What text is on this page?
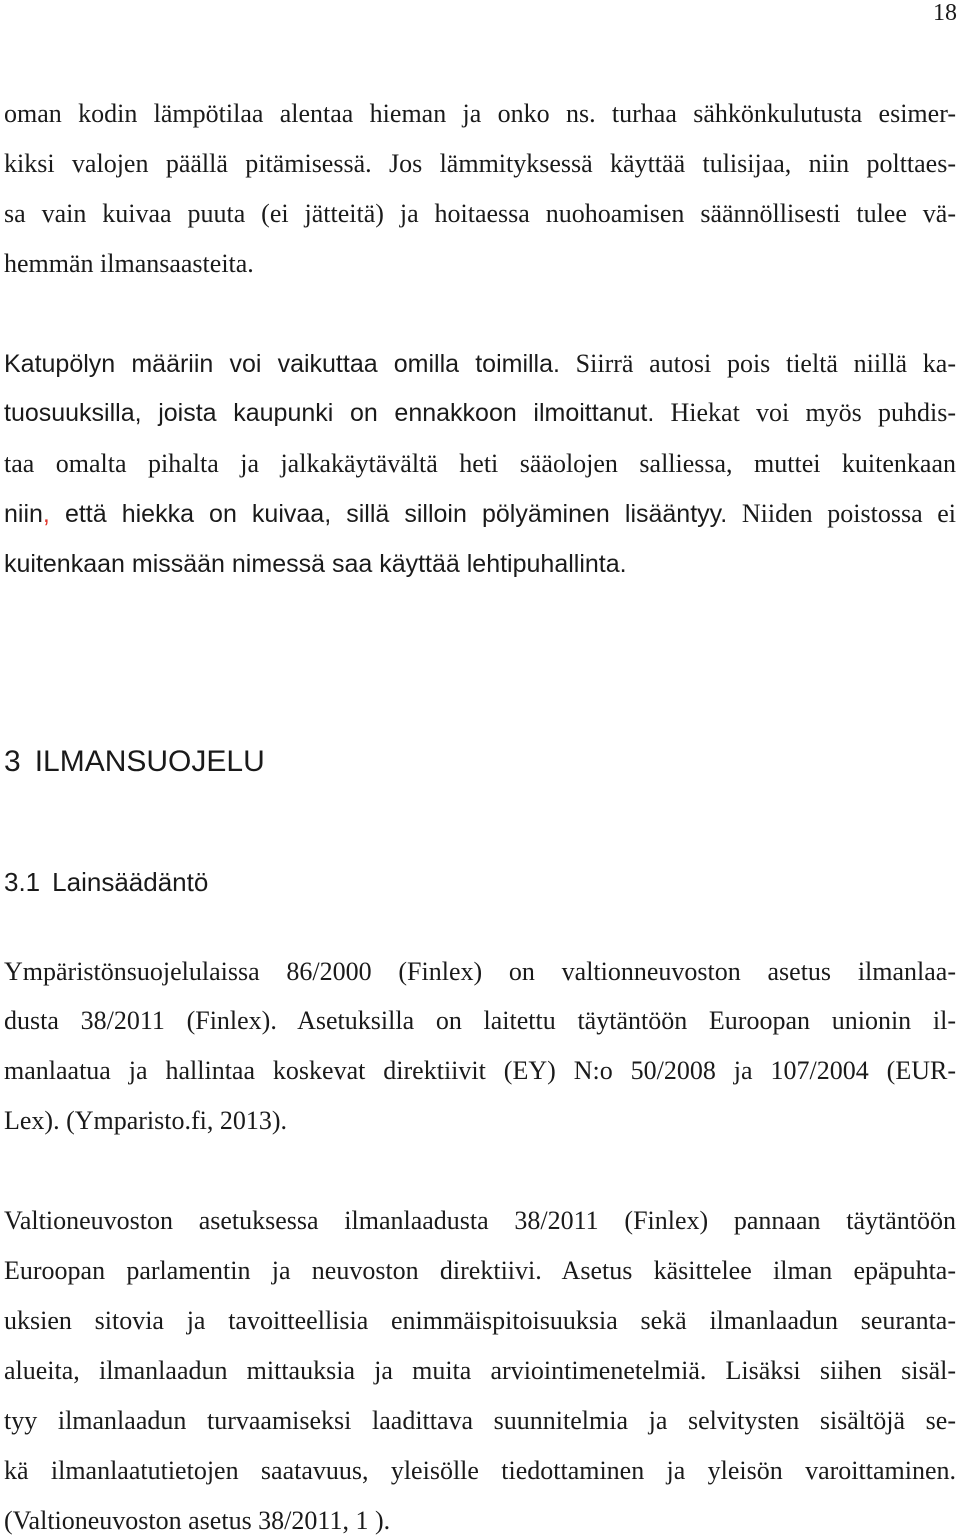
18
oman kodin lämpötilaa alentaa hieman ja onko ns. turhaa sähkönkulutusta esimer-
kiksi valojen päällä pitämisessä. Jos lämmityksessä käyttää tulisijaa, niin polttaes-
sa vain kuivaa puuta (ei jätteitä) ja hoitaessa nuohoamisen säännöllisesti tulee vä-
hemmän ilmansaasteita.
Katupölyn määriin voi vaikuttaa omilla toimilla. Siirrä autosi pois tieltä niillä ka-
tuosuuksilla, joista kaupunki on ennakkoon ilmoittanut. Hiekat voi myös puhdis-
taa omalta pihalta ja jalkakäytävältä heti sääolojen salliessa, muttei kuitenkaan
niin, että hiekka on kuivaa, sillä silloin pölyäminen lisääntyy. Niiden poistossa ei
kuitenkaan missään nimessä saa käyttää lehtipuhallinta.
3 ILMANSUOJELU
3.1 Lainsäädäntö
Ympäristönsuojelulaissa 86/2000 (Finlex) on valtionneuvoston asetus ilmanlaa-
dusta 38/2011 (Finlex). Asetuksilla on laitettu täytäntöön Euroopan unionin il-
manlaatua ja hallintaa koskevat direktiivit (EY) N:o 50/2008 ja 107/2004 (EUR-
Lex). (Ymparisto.fi, 2013).
Valtioneuvoston asetuksessa ilmanlaadusta 38/2011 (Finlex) pannaan täytäntöön
Euroopan parlamentin ja neuvoston direktiivi. Asetus käsittelee ilman epäpuhta-
uksien sitovia ja tavoitteellisia enimmäispitoisuuksia sekä ilmanlaadun seuranta-
alueita, ilmanlaadun mittauksia ja muita arviointimenetelmiä. Lisäksi siihen sisäl-
tyy ilmanlaadun turvaamiseksi laadittava suunnitelmia ja selvitysten sisältöjä se-
kä ilmanlaatutietojen saatavuus, yleisölle tiedottaminen ja yleisön varoittaminen.
(Valtioneuvoston asetus 38/2011, 1 ).
